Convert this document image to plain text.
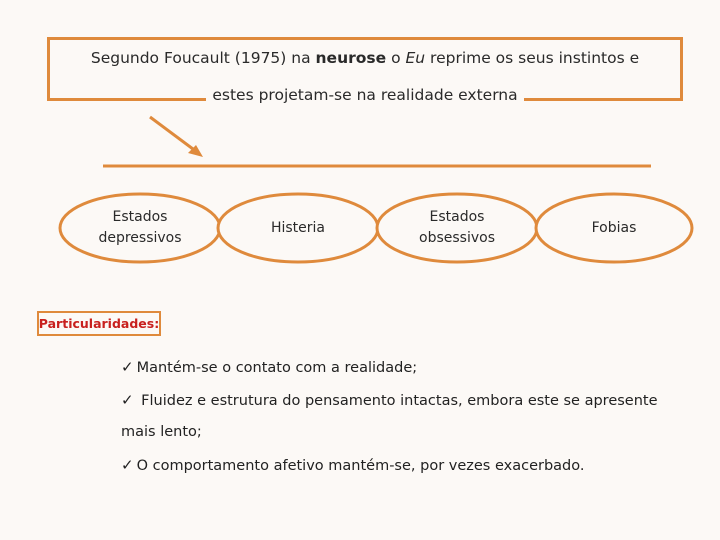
Segundo Foucault (1975) na neurose o Eu reprime os seus instintos e
estes projetam-se na realidade externa
Estados
depressivos
Histeria
Estados
obsessivos
Fobias
Particularidades:
✓ Mantém-se o contato com a realidade;
✓ Fluidez e estrutura do pensamento intactas, embora este se apresente
mais lento;
✓ O comportamento afetivo mantém-se, por vezes exacerbado.
